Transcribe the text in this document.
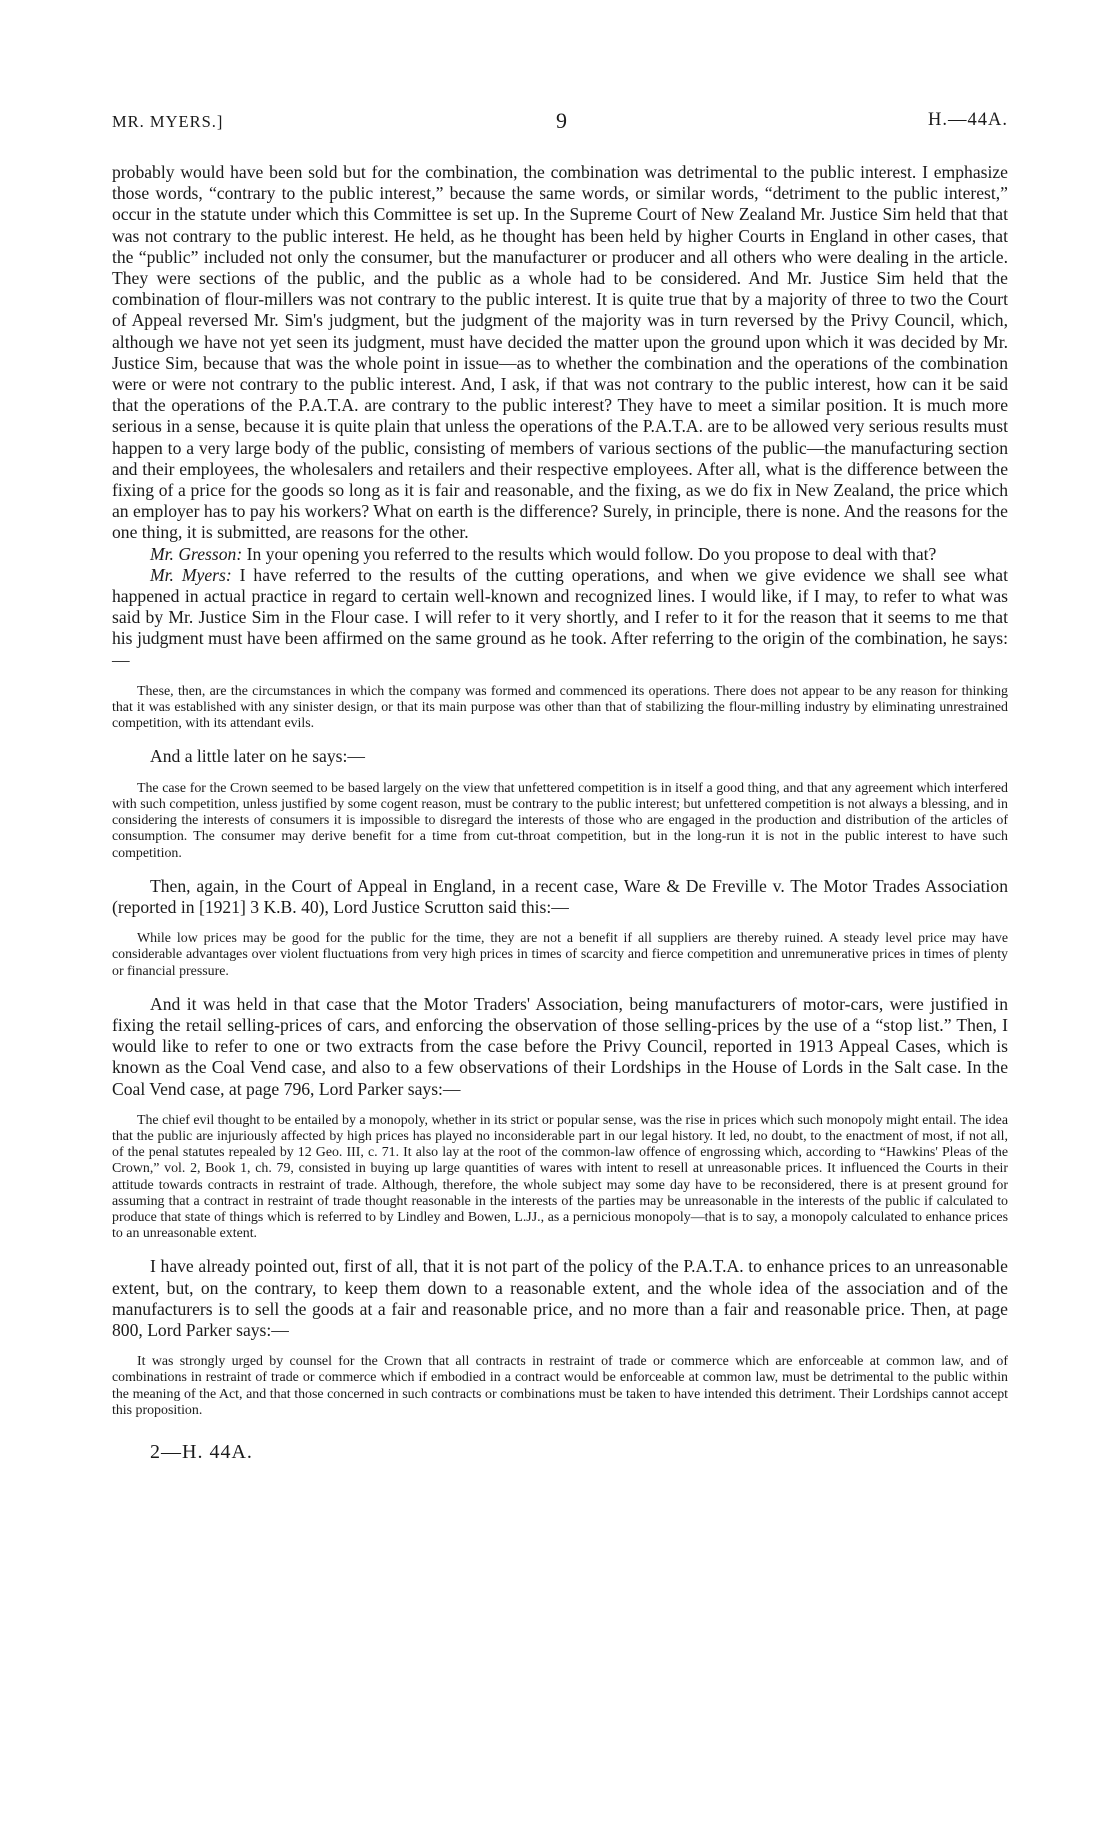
MR. MYERS.]	9	H.—44A.

probably would have been sold but for the combination, the combination was detrimental to the public interest. I emphasize those words, “contrary to the public interest,” because the same words, or similar words, “detriment to the public interest,” occur in the statute under which this Committee is set up. In the Supreme Court of New Zealand Mr. Justice Sim held that that was not contrary to the public interest. He held, as he thought has been held by higher Courts in England in other cases, that the “public” included not only the consumer, but the manufacturer or producer and all others who were dealing in the article. They were sections of the public, and the public as a whole had to be considered. And Mr. Justice Sim held that the combination of flour-millers was not contrary to the public interest. It is quite true that by a majority of three to two the Court of Appeal reversed Mr. Sim's judgment, but the judgment of the majority was in turn reversed by the Privy Council, which, although we have not yet seen its judgment, must have decided the matter upon the ground upon which it was decided by Mr. Justice Sim, because that was the whole point in issue—as to whether the combination and the operations of the combination were or were not contrary to the public interest. And, I ask, if that was not contrary to the public interest, how can it be said that the operations of the P.A.T.A. are contrary to the public interest? They have to meet a similar position. It is much more serious in a sense, because it is quite plain that unless the operations of the P.A.T.A. are to be allowed very serious results must happen to a very large body of the public, consisting of members of various sections of the public—the manufacturing section and their employees, the wholesalers and retailers and their respective employees. After all, what is the difference between the fixing of a price for the goods so long as it is fair and reasonable, and the fixing, as we do fix in New Zealand, the price which an employer has to pay his workers? What on earth is the difference? Surely, in principle, there is none. And the reasons for the one thing, it is submitted, are reasons for the other.

Mr. Gresson: In your opening you referred to the results which would follow. Do you propose to deal with that?

Mr. Myers: I have referred to the results of the cutting operations, and when we give evidence we shall see what happened in actual practice in regard to certain well-known and recognized lines. I would like, if I may, to refer to what was said by Mr. Justice Sim in the Flour case. I will refer to it very shortly, and I refer to it for the reason that it seems to me that his judgment must have been affirmed on the same ground as he took. After referring to the origin of the combination, he says:—

These, then, are the circumstances in which the company was formed and commenced its operations. There does not appear to be any reason for thinking that it was established with any sinister design, or that its main purpose was other than that of stabilizing the flour-milling industry by eliminating unrestrained competition, with its attendant evils.

And a little later on he says:—

The case for the Crown seemed to be based largely on the view that unfettered competition is in itself a good thing, and that any agreement which interfered with such competition, unless justified by some cogent reason, must be contrary to the public interest; but unfettered competition is not always a blessing, and in considering the interests of consumers it is impossible to disregard the interests of those who are engaged in the production and distribution of the articles of consumption. The consumer may derive benefit for a time from cut-throat competition, but in the long-run it is not in the public interest to have such competition.

Then, again, in the Court of Appeal in England, in a recent case, Ware & De Freville v. The Motor Trades Association (reported in [1921] 3 K.B. 40), Lord Justice Scrutton said this:—

While low prices may be good for the public for the time, they are not a benefit if all suppliers are thereby ruined. A steady level price may have considerable advantages over violent fluctuations from very high prices in times of scarcity and fierce competition and unremunerative prices in times of plenty or financial pressure.

And it was held in that case that the Motor Traders' Association, being manufacturers of motor-cars, were justified in fixing the retail selling-prices of cars, and enforcing the observation of those selling-prices by the use of a “stop list.” Then, I would like to refer to one or two extracts from the case before the Privy Council, reported in 1913 Appeal Cases, which is known as the Coal Vend case, and also to a few observations of their Lordships in the House of Lords in the Salt case. In the Coal Vend case, at page 796, Lord Parker says:—

The chief evil thought to be entailed by a monopoly, whether in its strict or popular sense, was the rise in prices which such monopoly might entail. The idea that the public are injuriously affected by high prices has played no inconsiderable part in our legal history. It led, no doubt, to the enactment of most, if not all, of the penal statutes repealed by 12 Geo. III, c. 71. It also lay at the root of the common-law offence of engrossing which, according to “Hawkins' Pleas of the Crown,” vol. 2, Book 1, ch. 79, consisted in buying up large quantities of wares with intent to resell at unreasonable prices. It influenced the Courts in their attitude towards contracts in restraint of trade. Although, therefore, the whole subject may some day have to be reconsidered, there is at present ground for assuming that a contract in restraint of trade thought reasonable in the interests of the parties may be unreasonable in the interests of the public if calculated to produce that state of things which is referred to by Lindley and Bowen, L.JJ., as a pernicious monopoly—that is to say, a monopoly calculated to enhance prices to an unreasonable extent.

I have already pointed out, first of all, that it is not part of the policy of the P.A.T.A. to enhance prices to an unreasonable extent, but, on the contrary, to keep them down to a reasonable extent, and the whole idea of the association and of the manufacturers is to sell the goods at a fair and reasonable price, and no more than a fair and reasonable price. Then, at page 800, Lord Parker says:—

It was strongly urged by counsel for the Crown that all contracts in restraint of trade or commerce which are enforceable at common law, and of combinations in restraint of trade or commerce which if embodied in a contract would be enforceable at common law, must be detrimental to the public within the meaning of the Act, and that those concerned in such contracts or combinations must be taken to have intended this detriment. Their Lordships cannot accept this proposition.

2—H. 44A.
